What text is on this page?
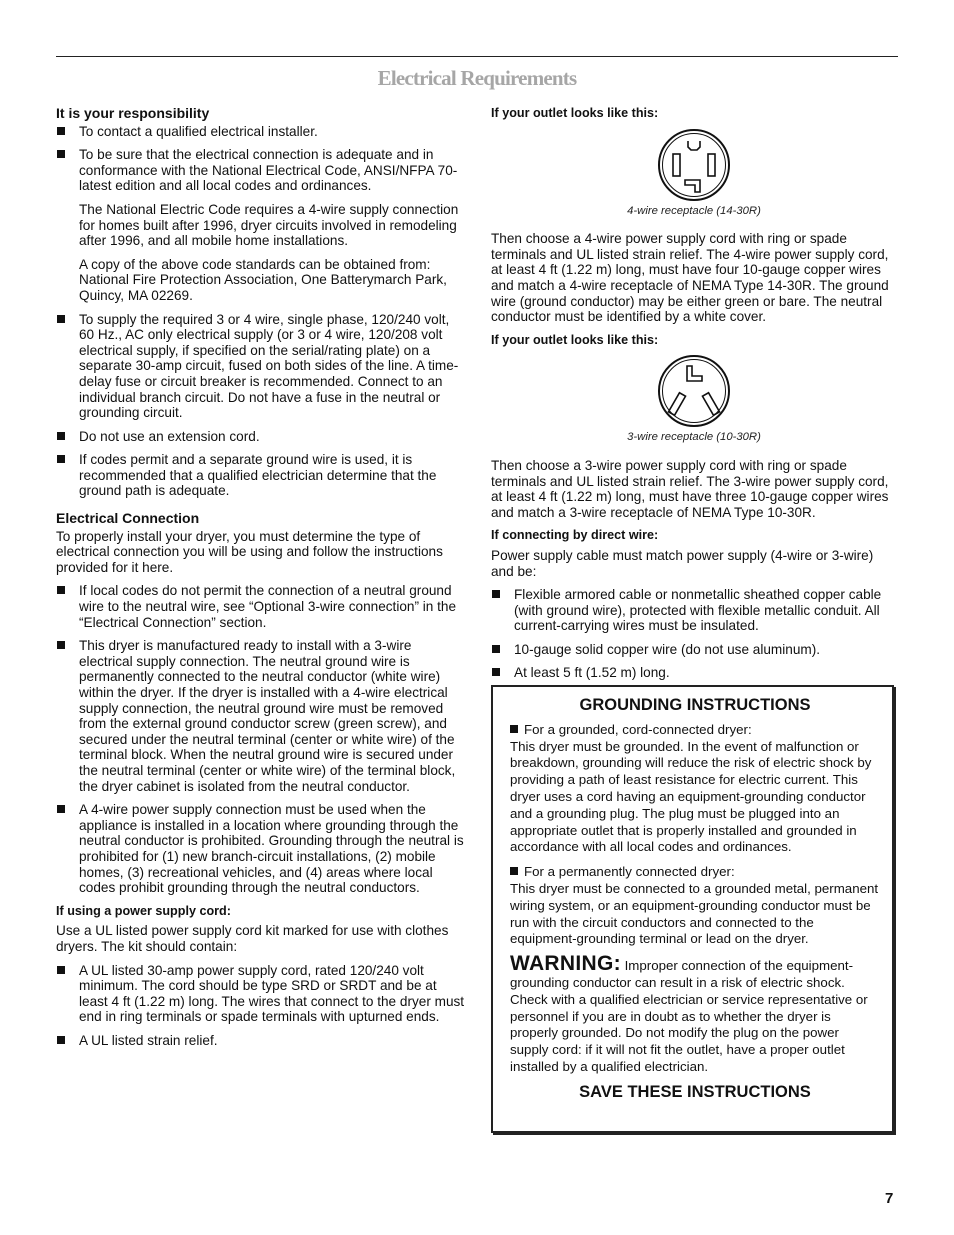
Electrical Requirements
It is your responsibility
To contact a qualified electrical installer.
To be sure that the electrical connection is adequate and in conformance with the National Electrical Code, ANSI/NFPA 70-latest edition and all local codes and ordinances.
The National Electric Code requires a 4-wire supply connection for homes built after 1996, dryer circuits involved in remodeling after 1996, and all mobile home installations.
A copy of the above code standards can be obtained from: National Fire Protection Association, One Batterymarch Park, Quincy, MA 02269.
To supply the required 3 or 4 wire, single phase, 120/240 volt, 60 Hz., AC only electrical supply (or 3 or 4 wire, 120/208 volt electrical supply, if specified on the serial/rating plate) on a separate 30-amp circuit, fused on both sides of the line. A time-delay fuse or circuit breaker is recommended. Connect to an individual branch circuit. Do not have a fuse in the neutral or grounding circuit.
Do not use an extension cord.
If codes permit and a separate ground wire is used, it is recommended that a qualified electrician determine that the ground path is adequate.
Electrical Connection

To properly install your dryer, you must determine the type of electrical connection you will be using and follow the instructions provided for it here.

If local codes do not permit the connection of a neutral ground wire to the neutral wire, see “Optional 3-wire connection” in the “Electrical Connection” section.
This dryer is manufactured ready to install with a 3-wire electrical supply connection. The neutral ground wire is permanently connected to the neutral conductor (white wire) within the dryer. If the dryer is installed with a 4-wire electrical supply connection, the neutral ground wire must be removed from the external ground conductor screw (green screw), and secured under the neutral terminal (center or white wire) of the terminal block. When the neutral ground wire is secured under the neutral terminal (center or white wire) of the terminal block, the dryer cabinet is isolated from the neutral conductor.
A 4-wire power supply connection must be used when the appliance is installed in a location where grounding through the neutral conductor is prohibited. Grounding through the neutral is prohibited for (1) new branch-circuit installations, (2) mobile homes, (3) recreational vehicles, and (4) areas where local codes prohibit grounding through the neutral conductors.
If using a power supply cord:

Use a UL listed power supply cord kit marked for use with clothes dryers. The kit should contain:

A UL listed 30-amp power supply cord, rated 120/240 volt minimum. The cord should be type SRD or SRDT and be at least 4 ft (1.22 m) long. The wires that connect to the dryer must end in ring terminals or spade terminals with upturned ends.
A UL listed strain relief.
If your outlet looks like this:
4-wire receptacle (14-30R)

Then choose a 4-wire power supply cord with ring or spade terminals and UL listed strain relief. The 4-wire power supply cord, at least 4 ft (1.22 m) long, must have four 10-gauge copper wires and match a 4-wire receptacle of NEMA Type 14-30R. The ground wire (ground conductor) may be either green or bare. The neutral conductor must be identified by a white cover.

If your outlet looks like this:
3-wire receptacle (10-30R)

Then choose a 3-wire power supply cord with ring or spade terminals and UL listed strain relief. The 3-wire power supply cord, at least 4 ft (1.22 m) long, must have three 10-gauge copper wires and match a 3-wire receptacle of NEMA Type 10-30R.

If connecting by direct wire:

Power supply cable must match power supply (4-wire or 3-wire) and be:

Flexible armored cable or nonmetallic sheathed copper cable (with ground wire), protected with flexible metallic conduit. All current-carrying wires must be insulated.
10-gauge solid copper wire (do not use aluminum).
At least 5 ft (1.52 m) long.
GROUNDING INSTRUCTIONS

For a grounded, cord-connected dryer:
This dryer must be grounded. In the event of malfunction or breakdown, grounding will reduce the risk of electric shock by providing a path of least resistance for electric current. This dryer uses a cord having an equipment-grounding conductor and a grounding plug. The plug must be plugged into an appropriate outlet that is properly installed and grounded in accordance with all local codes and ordinances.

For a permanently connected dryer:
This dryer must be connected to a grounded metal, permanent wiring system, or an equipment-grounding conductor must be run with the circuit conductors and connected to the equipment-grounding terminal or lead on the dryer.

WARNING: Improper connection of the equipment-grounding conductor can result in a risk of electric shock. Check with a qualified electrician or service representative or personnel if you are in doubt as to whether the dryer is properly grounded. Do not modify the plug on the power supply cord: if it will not fit the outlet, have a proper outlet installed by a qualified electrician.

SAVE THESE INSTRUCTIONS
7
